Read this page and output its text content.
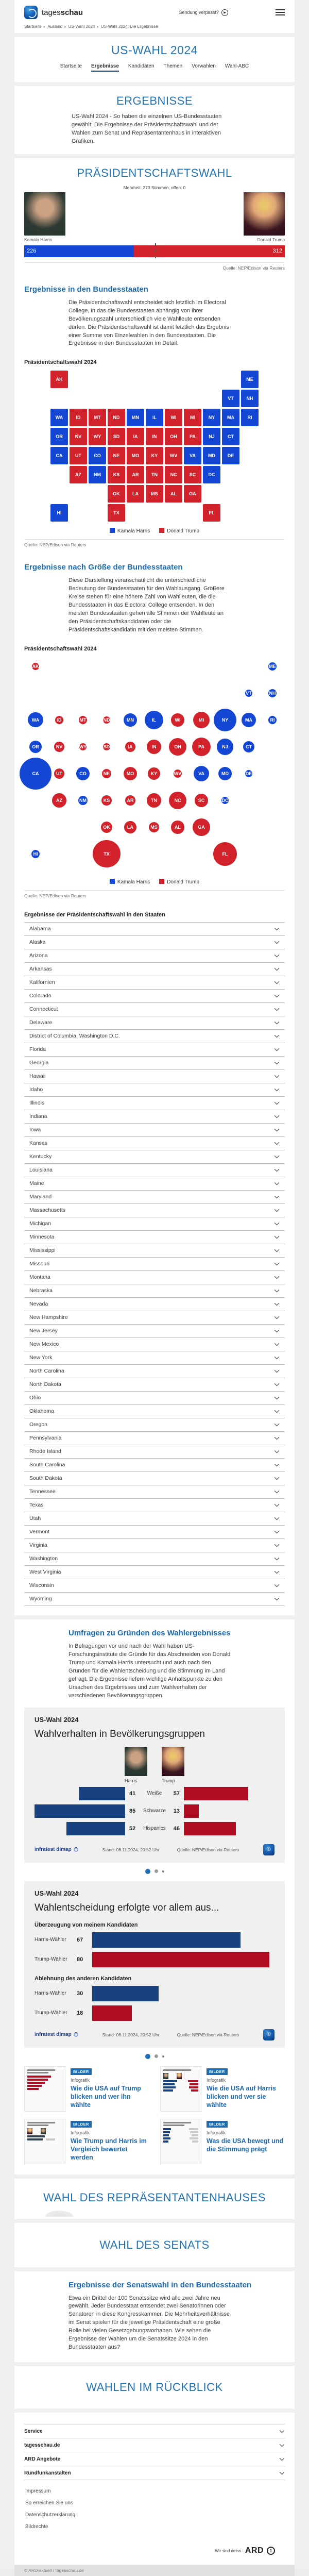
tagesschau	Sendung verpasst?	▶
Startseite ▸ Ausland ▸ US-Wahl 2024 ▸ US-Wahl 2024: Die Ergebnisse
US-WAHL 2024
Startseite Ergebnisse Kandidaten Themen Vorwahlen Wahl-ABC
ERGEBNISSE
US-Wahl 2024 - So haben die einzelnen US-Bundesstaaten gewählt: Die Ergebnisse der Präsidentschaftswahl und der Wahlen zum Senat und Repräsentantenhaus in interaktiven Grafiken.
PRÄSIDENTSCHAFTSWAHL
Mehrheit: 270 Stimmen, offen: 0
Kamala Harris	Donald Trump
226	312
Quelle: NEP/Edison via Reuters
Ergebnisse in den Bundesstaaten
Die Präsidentschaftswahl entscheidet sich letztlich im Electoral College, in das die Bundesstaaten abhängig von ihrer Bevölkerungszahl unterschiedlich viele Wahlleute entsenden dürfen. Die Präsidentschaftswahl ist damit letztlich das Ergebnis einer Summe von Einzelwahlen in den Bundesstaaten. Die Ergebnisse in den Bundesstaaten im Detail.
Präsidentschaftswahl 2024
AK	ME
VT	NH
WA	ID	MT	ND	MN	IL	WI	MI	NY	MA	RI
OR	NV	WY	SD	IA	IN	OH	PA	NJ	CT
CA	UT	CO	NE	MO	KY	WV	VA	MD	DE
AZ	NM	KS	AR	TN	NC	SC	DC
OK	LA	MS	AL	GA
HI	TX	FL
Kamala Harris	Donald Trump
Quelle: NEP/Edison via Reuters
Ergebnisse nach Größe der Bundesstaaten
Diese Darstellung veranschaulicht die unterschiedliche Bedeutung der Bundesstaaten für den Wahlausgang. Größere Kreise stehen für eine höhere Zahl von Wahlleuten, die die Bundesstaaten in das Electoral College entsenden. In den meisten Bundesstaaten gehen alle Stimmen der Wahlleute an den Präsidentschaftskandidaten oder die Präsidentschaftskandidatin mit den meisten Stimmen.
Präsidentschaftswahl 2024
AK	ME
VT	NH
WA	ID	MT	ND	MN	IL	WI	MI	NY	MA	RI
OR	NV	WY	SD	IA	IN	OH	PA	NJ	CT
CA	UT	CO	NE	MO	KY	WV	VA	MD	DE
AZ	NM	KS	AR	TN	NC	SC	DC
OK	LA	MS	AL	GA
HI	TX	FL
Kamala Harris	Donald Trump
Quelle: NEP/Edison via Reuters
Ergebnisse der Präsidentschaftswahl in den Staaten
Alabama
Alaska
Arizona
Arkansas
Kalifornien
Colorado
Connecticut
Delaware
District of Columbia, Washington D.C.
Florida
Georgia
Hawaii
Idaho
Illinois
Indiana
Iowa
Kansas
Kentucky
Louisiana
Maine
Maryland
Massachusetts
Michigan
Minnesota
Mississippi
Missouri
Montana
Nebraska
Nevada
New Hampshire
New Jersey
New Mexico
New York
North Carolina
North Dakota
Ohio
Oklahoma
Oregon
Pennsylvania
Rhode Island
South Carolina
South Dakota
Tennessee
Texas
Utah
Vermont
Virginia
Washington
West Virginia
Wisconsin
Wyoming
Umfragen zu Gründen des Wahlergebnisses
In Befragungen vor und nach der Wahl haben US-Forschungsinstitute die Gründe für das Abschneiden von Donald Trump und Kamala Harris untersucht und auch nach den Gründen für die Wahlentscheidung und die Stimmung im Land gefragt. Die Ergebnisse liefern wichtige Anhaltspunkte zu den Ursachen des Ergebnisses und zum Wahlverhalten der verschiedenen Bevölkerungsgruppen.
US-Wahl 2024
Wahlverhalten in Bevölkerungsgruppen
Harris	Trump
41 Weiße 57
85 Schwarze 13
52 Hispanics 46
infratest dimap	Stand: 06.11.2024, 20:52 Uhr	Quelle: NEP/Edison via Reuters	①
US-Wahl 2024
Wahlentscheidung erfolgte vor allem aus...
Überzeugung von meinem Kandidaten
Harris-Wähler	67
Trump-Wähler	80
Ablehnung des anderen Kandidaten
Harris-Wähler	30
Trump-Wähler	18
infratest dimap	Stand: 06.11.2024, 20:52 Uhr	Quelle: NEP/Edison via Reuters	①
BILDER
Infografik
Wie die USA auf Trump blicken und wer ihn wählte
BILDER
Infografik
Wie die USA auf Harris blicken und wer sie wählte
BILDER
Infografik
Wie Trump und Harris im Vergleich bewertet werden
BILDER
Infografik
Was die USA bewegt und die Stimmung prägt
WAHL DES REPRÄSENTANTENHAUSES
WAHL DES SENATS
Ergebnisse der Senatswahl in den Bundesstaaten
Etwa ein Drittel der 100 Senatssitze wird alle zwei Jahre neu gewählt. Jeder Bundesstaat entsendet zwei Senatorinnen oder Senatoren in diese Kongresskammer. Die Mehrheitsverhältnisse im Senat spielen für die jeweilige Präsidentschaft eine große Rolle bei vielen Gesetzgebungsvorhaben. Wie sehen die Ergebnisse der Wahlen um die Senatssitze 2024 in den Bundesstaaten aus?
WAHLEN IM RÜCKBLICK
Service
tagesschau.de
ARD Angebote
Rundfunkanstalten
Impressum
So erreichen Sie uns
Datenschutzerklärung
Bildrechte
Wir sind deins. ARD	1
© ARD-aktuell / tagesschau.de
